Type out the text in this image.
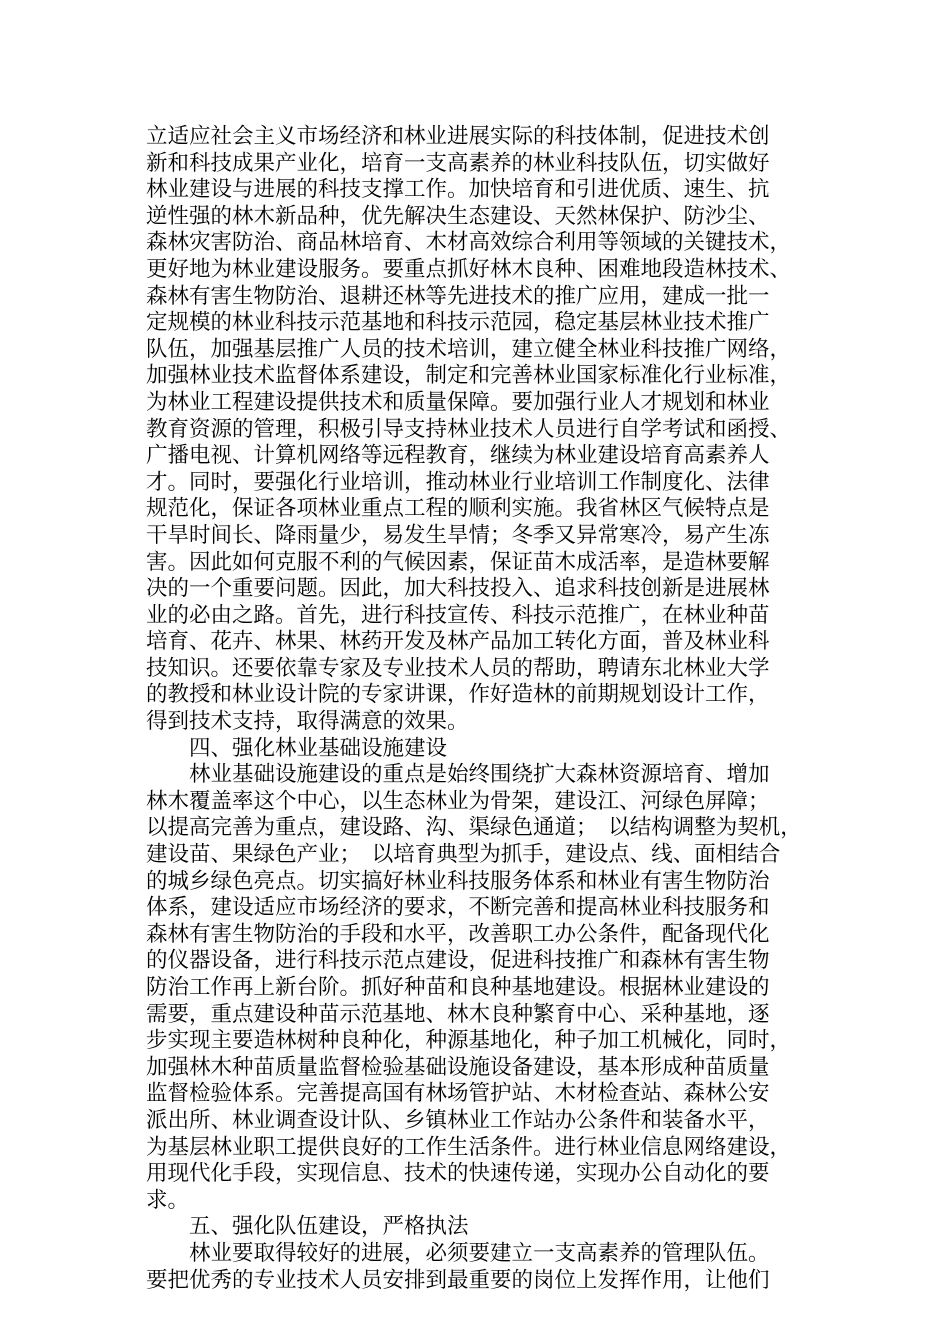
立适应社会主义市场经济和林业进展实际的科技体制，促进技术创
新和科技成果产业化，培育一支高素养的林业科技队伍，切实做好
林业建设与进展的科技支撑工作。加快培育和引进优质、速生、抗
逆性强的林木新品种，优先解决生态建设、天然林保护、防沙尘、
森林灾害防治、商品林培育、木材高效综合利用等领域的关键技术，
更好地为林业建设服务。要重点抓好林木良种、困难地段造林技术、
森林有害生物防治、退耕还林等先进技术的推广应用，建成一批一
定规模的林业科技示范基地和科技示范园，稳定基层林业技术推广
队伍，加强基层推广人员的技术培训，建立健全林业科技推广网络，
加强林业技术监督体系建设，制定和完善林业国家标准化行业标准，
为林业工程建设提供技术和质量保障。要加强行业人才规划和林业
教育资源的管理，积极引导支持林业技术人员进行自学考试和函授、
广播电视、计算机网络等远程教育，继续为林业建设培育高素养人
才。同时，要强化行业培训，推动林业行业培训工作制度化、法律
规范化，保证各项林业重点工程的顺利实施。我省林区气候特点是
干旱时间长、降雨量少，易发生旱情；冬季又异常寒冷，易产生冻
害。因此如何克服不利的气候因素，保证苗木成活率，是造林要解
决的一个重要问题。因此，加大科技投入、追求科技创新是进展林
业的必由之路。首先，进行科技宣传、科技示范推广，在林业种苗
培育、花卉、林果、林药开发及林产品加工转化方面，普及林业科
技知识。还要依靠专家及专业技术人员的帮助，聘请东北林业大学
的教授和林业设计院的专家讲课，作好造林的前期规划设计工作，
得到技术支持，取得满意的效果。
　　四、强化林业基础设施建设
　　林业基础设施建设的重点是始终围绕扩大森林资源培育、增加
林木覆盖率这个中心，以生态林业为骨架，建设江、河绿色屏障；
以提高完善为重点，建设路、沟、渠绿色通道；　以结构调整为契机，
建设苗、果绿色产业；　以培育典型为抓手，建设点、线、面相结合
的城乡绿色亮点。切实搞好林业科技服务体系和林业有害生物防治
体系，建设适应市场经济的要求，不断完善和提高林业科技服务和
森林有害生物防治的手段和水平，改善职工办公条件，配备现代化
的仪器设备，进行科技示范点建设，促进科技推广和森林有害生物
防治工作再上新台阶。抓好种苗和良种基地建设。根据林业建设的
需要，重点建设种苗示范基地、林木良种繁育中心、采种基地，逐
步实现主要造林树种良种化，种源基地化，种子加工机械化，同时，
加强林木种苗质量监督检验基础设施设备建设，基本形成种苗质量
监督检验体系。完善提高国有林场管护站、木材检查站、森林公安
派出所、林业调查设计队、乡镇林业工作站办公条件和装备水平，
为基层林业职工提供良好的工作生活条件。进行林业信息网络建设，
用现代化手段，实现信息、技术的快速传递，实现办公自动化的要
求。
　　五、强化队伍建设，严格执法
　　林业要取得较好的进展，必须要建立一支高素养的管理队伍。
要把优秀的专业技术人员安排到最重要的岗位上发挥作用，让他们
